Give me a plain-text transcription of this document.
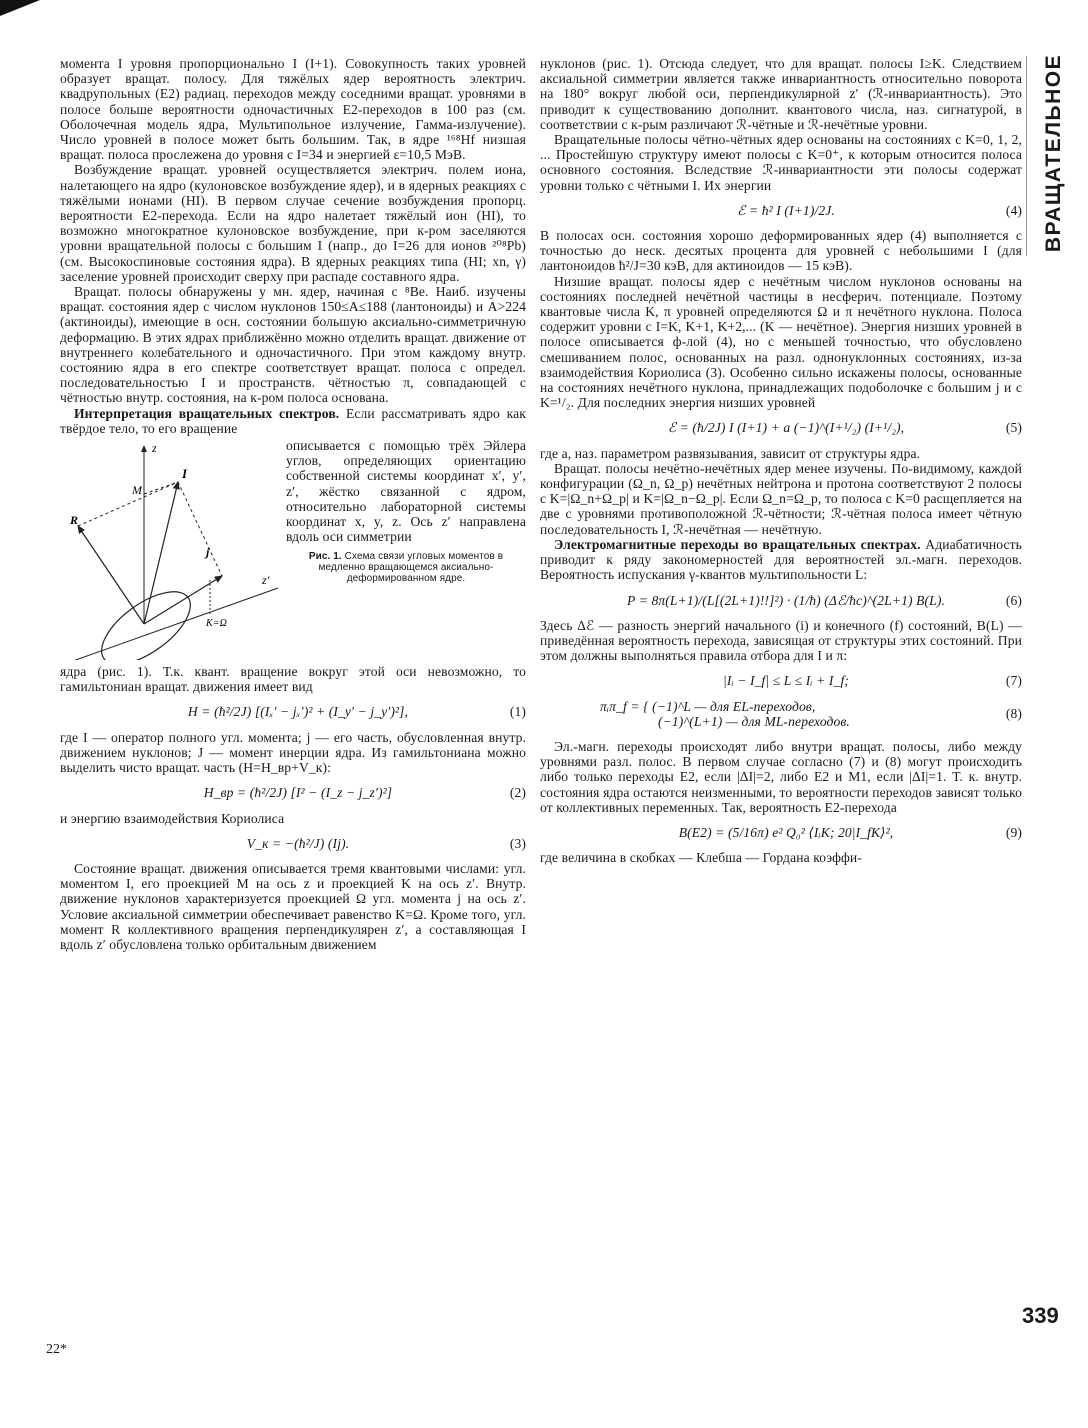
ВРАЩАТЕЛЬНОЕ

момента I уровня пропорционально I (I+1). Совокупность таких уровней образует вращат. полосу. Для тяжёлых ядер вероятность электрич. квадрупольных (E2) радиац. переходов между соседними вращат. уровнями в полосе больше вероятности одночастичных E2-переходов в 100 раз (см. Оболочечная модель ядра, Мультипольное излучение, Гамма-излучение). Число уровней в полосе может быть большим. Так, в ядре ¹⁶⁸Hf низшая вращат. полоса прослежена до уровня с I=34 и энергией ε=10,5 МэВ.

Возбуждение вращат. уровней осуществляется электрич. полем иона, налетающего на ядро (кулоновское возбуждение ядер), и в ядерных реакциях с тяжёлыми ионами (HI). В первом случае сечение возбуждения пропорц. вероятности E2-перехода. Если на ядро налетает тяжёлый ион (HI), то возможно многократное кулоновское возбуждение, при к-ром заселяются уровни вращательной полосы с большим I (напр., до I=26 для ионов ²⁰⁸Pb) (см. Высокоспиновые состояния ядра). В ядерных реакциях типа (HI; xn, γ) заселение уровней происходит сверху при распаде составного ядра.

Вращат. полосы обнаружены у мн. ядер, начиная с ⁸Be. Наиб. изучены вращат. состояния ядер с числом нуклонов 150≤A≤188 (лантоноиды) и A>224 (актиноиды), имеющие в осн. состоянии большую аксиально-симметричную деформацию. В этих ядрах приближённо можно отделить вращат. движение от внутреннего колебательного и одночастичного. При этом каждому внутр. состоянию ядра в его спектре соответствует вращат. полоса с определ. последовательностью I и пространств. чётностью π, совпадающей с чётностью внутр. состояния, на к-ром полоса основана.

Интерпретация вращательных спектров. Если рассматривать ядро как твёрдое тело, то его вращение

z
M
I
R
j
z′
K=Ω

описывается с помощью трёх Эйлера углов, определяющих ориентацию собственной системы координат x′, y′, z′, жёстко связанной с ядром, относительно лабораторной системы координат x, y, z. Ось z′ направлена вдоль оси симметрии

Рис. 1. Схема связи угловых моментов в медленно вращающемся аксиально-деформированном ядре.

ядра (рис. 1). Т.к. квант. вращение вокруг этой оси невозможно, то гамильтониан вращат. движения имеет вид

H = (ħ²/2J) [(Iₓ′ − jₓ′)² + (I_y′ − j_y′)²],	(1)

где I — оператор полного угл. момента; j — его часть, обусловленная внутр. движением нуклонов; J — момент инерции ядра. Из гамильтониана можно выделить чисто вращат. часть (H=H_вр+V_к):

H_вр = (ħ²/2J) [I² − (I_z − j_z′)²]	(2)

и энергию взаимодействия Кориолиса

V_к = −(ħ²/J) (Ij).	(3)

Состояние вращат. движения описывается тремя квантовыми числами: угл. моментом I, его проекцией M на ось z и проекцией K на ось z′. Внутр. движение нуклонов характеризуется проекцией Ω угл. момента j на ось z′. Условие аксиальной симметрии обеспечивает равенство K=Ω. Кроме того, угл. момент R коллективного вращения перпендикулярен z′, а составляющая I вдоль z′ обусловлена только орбитальным движением

нуклонов (рис. 1). Отсюда следует, что для вращат. полосы I≥K. Следствием аксиальной симметрии является также инвариантность относительно поворота на 180° вокруг любой оси, перпендикулярной z′ (ℛ-инвариантность). Это приводит к существованию дополнит. квантового числа, наз. сигнатурой, в соответствии с к-рым различают ℛ-чётные и ℛ-нечётные уровни.

Вращательные полосы чётно-чётных ядер основаны на состояниях с K=0, 1, 2, ... Простейшую структуру имеют полосы с K=0⁺, к которым относится полоса основного состояния. Вследствие ℛ-инвариантности эти полосы содержат уровни только с чётными I. Их энергии

ℰ = ħ² I (I+1)/2J.	(4)

В полосах осн. состояния хорошо деформированных ядер (4) выполняется с точностью до неск. десятых процента для уровней с небольшими I (для лантоноидов ħ²/J=30 кэВ, для актиноидов — 15 кэВ).

Низшие вращат. полосы ядер с нечётным числом нуклонов основаны на состояниях последней нечётной частицы в несферич. потенциале. Поэтому квантовые числа K, π уровней определяются Ω и π нечётного нуклона. Полоса содержит уровни с I=K, K+1, K+2,... (K — нечётное). Энергия низших уровней в полосе описывается ф-лой (4), но с меньшей точностью, что обусловлено смешиванием полос, основанных на разл. однонуклонных состояниях, из-за взаимодействия Кориолиса (3). Особенно сильно искажены полосы, основанные на состояниях нечётного нуклона, принадлежащих подоболочке с большим j и с K=¹/₂. Для последних энергия низших уровней

ℰ = (ħ/2J) I (I+1) + a (−1)^(I+¹/₂) (I+¹/₂),	(5)

где a, наз. параметром развязывания, зависит от структуры ядра.

Вращат. полосы нечётно-нечётных ядер менее изучены. По-видимому, каждой конфигурации (Ω_n, Ω_p) нечётных нейтрона и протона соответствуют 2 полосы с K=|Ω_n+Ω_p| и K=|Ω_n−Ω_p|. Если Ω_n=Ω_p, то полоса с K=0 расщепляется на две с уровнями противоположной ℛ-чётности; ℛ-чётная полоса имеет чётную последовательность I, ℛ-нечётная — нечётную.

Электромагнитные переходы во вращательных спектрах. Адиабатичность приводит к ряду закономерностей для вероятностей эл.-магн. переходов. Вероятность испускания γ-квантов мультипольности L:

P = 8π(L+1)/(L[(2L+1)!!]²) · (1/ħ) (Δℰ/ħc)^(2L+1) B(L).	(6)

Здесь Δℰ — разность энергий начального (i) и конечного (f) состояний, B(L) — приведённая вероятность перехода, зависящая от структуры этих состояний. При этом должны выполняться правила отбора для I и π:

|Iᵢ − I_f| ≤ L ≤ Iᵢ + I_f;	(7)
πᵢπ_f = { (−1)^L — для EL-переходов,
(−1)^(L+1) — для ML-переходов.
(8)

Эл.-магн. переходы происходят либо внутри вращат. полосы, либо между уровнями разл. полос. В первом случае согласно (7) и (8) могут происходить либо только переходы E2, если |ΔI|=2, либо E2 и M1, если |ΔI|=1. Т. к. внутр. состояния ядра остаются неизменными, то вероятности переходов зависят только от коллективных переменных. Так, вероятность E2-перехода

B(E2) = (5/16π) e² Q₀² ⟨IᵢK; 20|I_fK⟩²,	(9)

где величина в скобках — Клебша — Гордана коэффи-

339
22*
